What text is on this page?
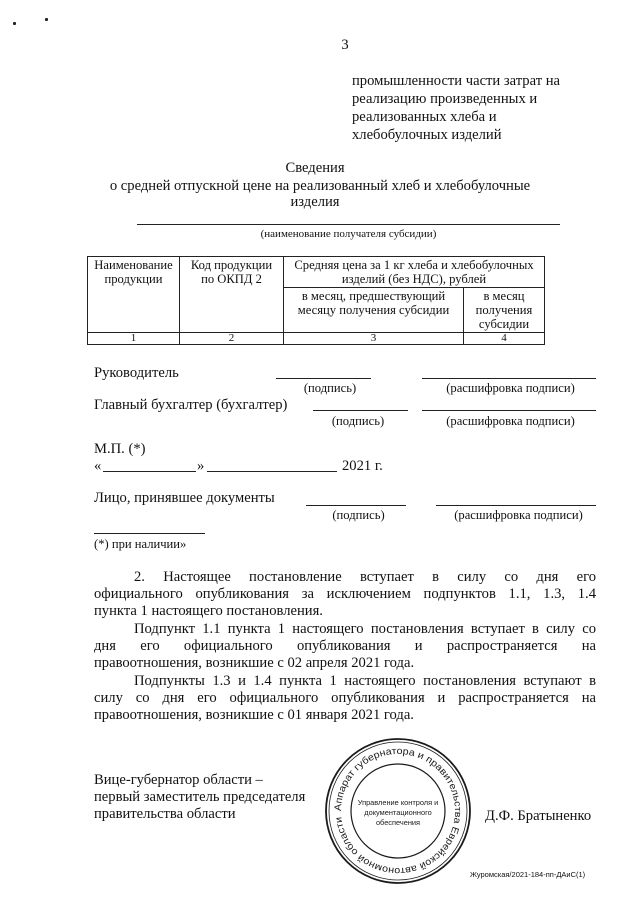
3
промышленности части затрат на
реализацию произведенных и
реализованных хлеба и
хлебобулочных изделий
Сведения
о средней отпускной цене на реализованный хлеб и хлебобулочные
изделия
(наименование получателя субсидии)
Наименование продукции	Код продукции по ОКПД 2	Средняя цена за 1 кг хлеба и хлебобулочных изделий (без НДС), рублей	
		в месяц, предшествующий месяцу получения субсидии	в месяц получения субсидии
1	2	3	4
Руководитель
(подпись)	(расшифровка подписи)
Главный бухгалтер (бухгалтер)
(подпись)	(расшифровка подписи)
М.П. (*)
«	»	2021 г.
Лицо, принявшее документы
(подпись)	(расшифровка подписи)
(*) при наличии»
2. Настоящее постановление вступает в силу со дня его
официального опубликования за исключением подпунктов 1.1, 1.3, 1.4
пункта 1 настоящего постановления.
Подпункт 1.1 пункта 1 настоящего постановления вступает в силу со
дня его официального опубликования и распространяется на
правоотношения, возникшие с 02 апреля 2021 года.
Подпункты 1.3 и 1.4 пункта 1 настоящего постановления вступают в
силу со дня его официального опубликования и распространяется на
правоотношения, возникшие с 01 января 2021 года.
Вице-губернатор области –
первый заместитель председателя
правительства области	Д.Ф. Братыненко
Аппарат губернатора и правительства Еврейской автономной области
Управление контроля и
документационного
обеспечения
Журомская/2021-184-пп-ДАиС(1)
